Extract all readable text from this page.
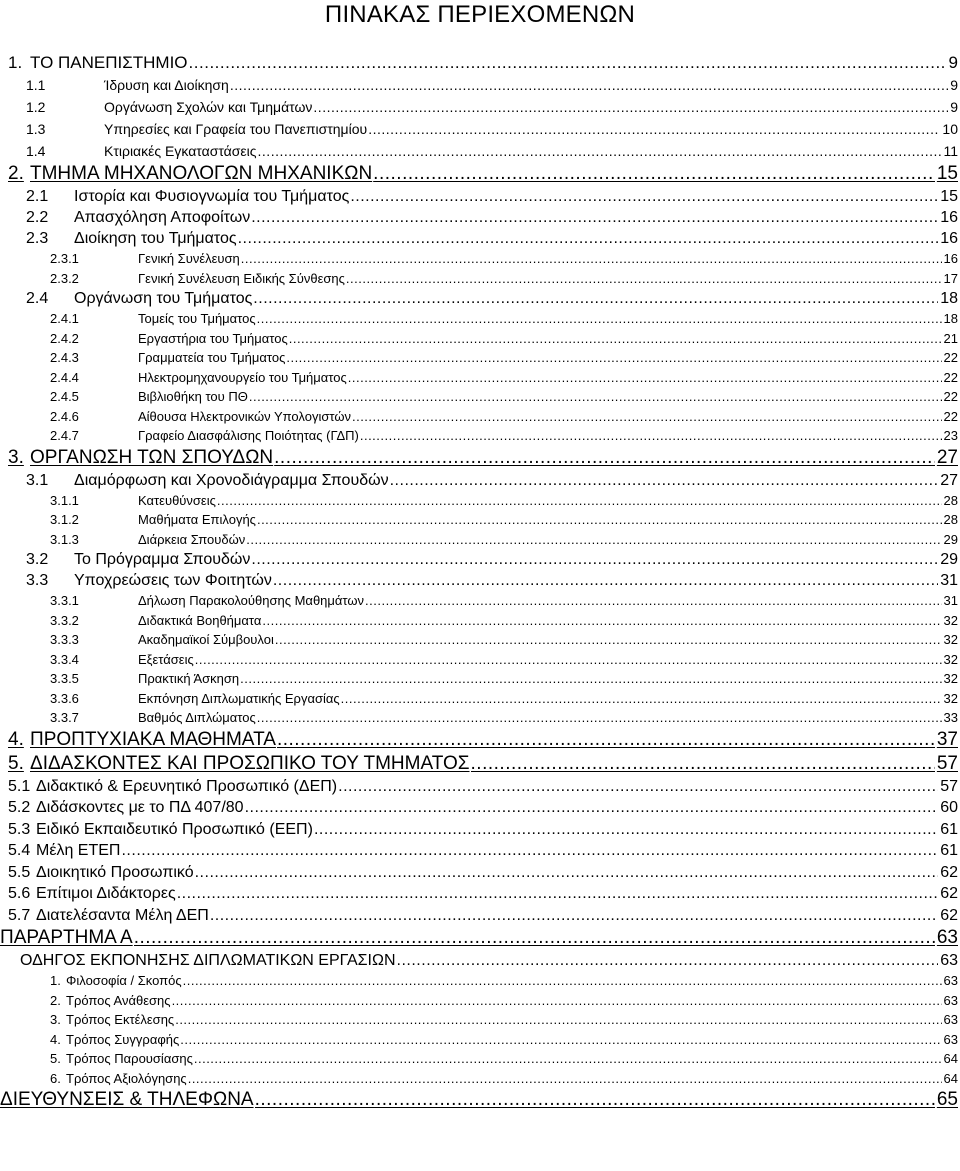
ΠΙΝΑΚΑΣ ΠΕΡΙΕΧΟΜΕΝΩΝ
1. ΤΟ ΠΑΝΕΠΙΣΤΗΜΙΟ .....	9
1.1	Ίδρυση και Διοίκηση .....	9
1.2	Οργάνωση Σχολών και Τμημάτων .....	9
1.3	Υπηρεσίες και Γραφεία του Πανεπιστημίου .....	10
1.4	Κτιριακές Εγκαταστάσεις .....	11
2. ΤΜΗΜΑ ΜΗΧΑΝΟΛΟΓΩΝ ΜΗΧΑΝΙΚΩΝ .....	15
2.1	Ιστορία και Φυσιογνωμία του Τμήματος .....	15
2.2	Απασχόληση Αποφοίτων .....	16
2.3	Διοίκηση του Τμήματος .....	16
2.3.1	Γενική Συνέλευση .....	16
2.3.2	Γενική Συνέλευση Ειδικής Σύνθεσης .....	17
2.4	Οργάνωση του Τμήματος .....	18
2.4.1	Τομείς του Τμήματος .....	18
2.4.2	Εργαστήρια του Τμήματος .....	21
2.4.3	Γραμματεία του Τμήματος .....	22
2.4.4	Ηλεκτρομηχανουργείο του Τμήματος .....	22
2.4.5	Βιβλιοθήκη του ΠΘ .....	22
2.4.6	Αίθουσα Ηλεκτρονικών Υπολογιστών .....	22
2.4.7	Γραφείο Διασφάλισης Ποιότητας (ΓΔΠ) .....	23
3. ΟΡΓΑΝΩΣΗ ΤΩΝ ΣΠΟΥΔΩΝ .....	27
3.1	Διαμόρφωση και Χρονοδιάγραμμα Σπουδών .....	27
3.1.1	Κατευθύνσεις .....	28
3.1.2	Μαθήματα Επιλογής .....	28
3.1.3	Διάρκεια Σπουδών .....	29
3.2	Το Πρόγραμμα Σπουδών .....	29
3.3	Υποχρεώσεις των Φοιτητών .....	31
3.3.1	Δήλωση Παρακολούθησης Μαθημάτων .....	31
3.3.2	Διδακτικά Βοηθήματα .....	32
3.3.3	Ακαδημαϊκοί Σύμβουλοι .....	32
3.3.4	Εξετάσεις .....	32
3.3.5	Πρακτική Άσκηση .....	32
3.3.6	Εκπόνηση Διπλωματικής Εργασίας .....	32
3.3.7	Βαθμός Διπλώματος .....	33
4. ΠΡΟΠΤΥΧΙΑΚΑ ΜΑΘΗΜΑΤΑ .....	37
5. ΔΙΔΑΣΚΟΝΤΕΣ ΚΑΙ ΠΡΟΣΩΠΙΚΟ ΤΟΥ ΤΜΗΜΑΤΟΣ .....	57
5.1 Διδακτικό & Ερευνητικό Προσωπικό (ΔΕΠ) .....	57
5.2 Διδάσκοντες με το ΠΔ 407/80 .....	60
5.3 Ειδικό Εκπαιδευτικό Προσωπικό (ΕΕΠ) .....	61
5.4 Μέλη ΕΤΕΠ .....	61
5.5 Διοικητικό Προσωπικό .....	62
5.6 Επίτιμοι Διδάκτορες .....	62
5.7 Διατελέσαντα Μέλη ΔΕΠ .....	62
ΠΑΡΑΡΤΗΜΑ Α .....	63
ΟΔΗΓΟΣ ΕΚΠΟΝΗΣΗΣ ΔΙΠΛΩΜΑΤΙΚΩΝ ΕΡΓΑΣΙΩΝ .....	63
1. Φιλοσοφία / Σκοπός .....	63
2. Τρόπος Ανάθεσης .....	63
3. Τρόπος Εκτέλεσης .....	63
4. Τρόπος Συγγραφής .....	63
5. Τρόπος Παρουσίασης .....	64
6. Τρόπος Αξιολόγησης .....	64
ΔΙΕΥΘΥΝΣΕΙΣ & ΤΗΛΕΦΩΝΑ .....	65
